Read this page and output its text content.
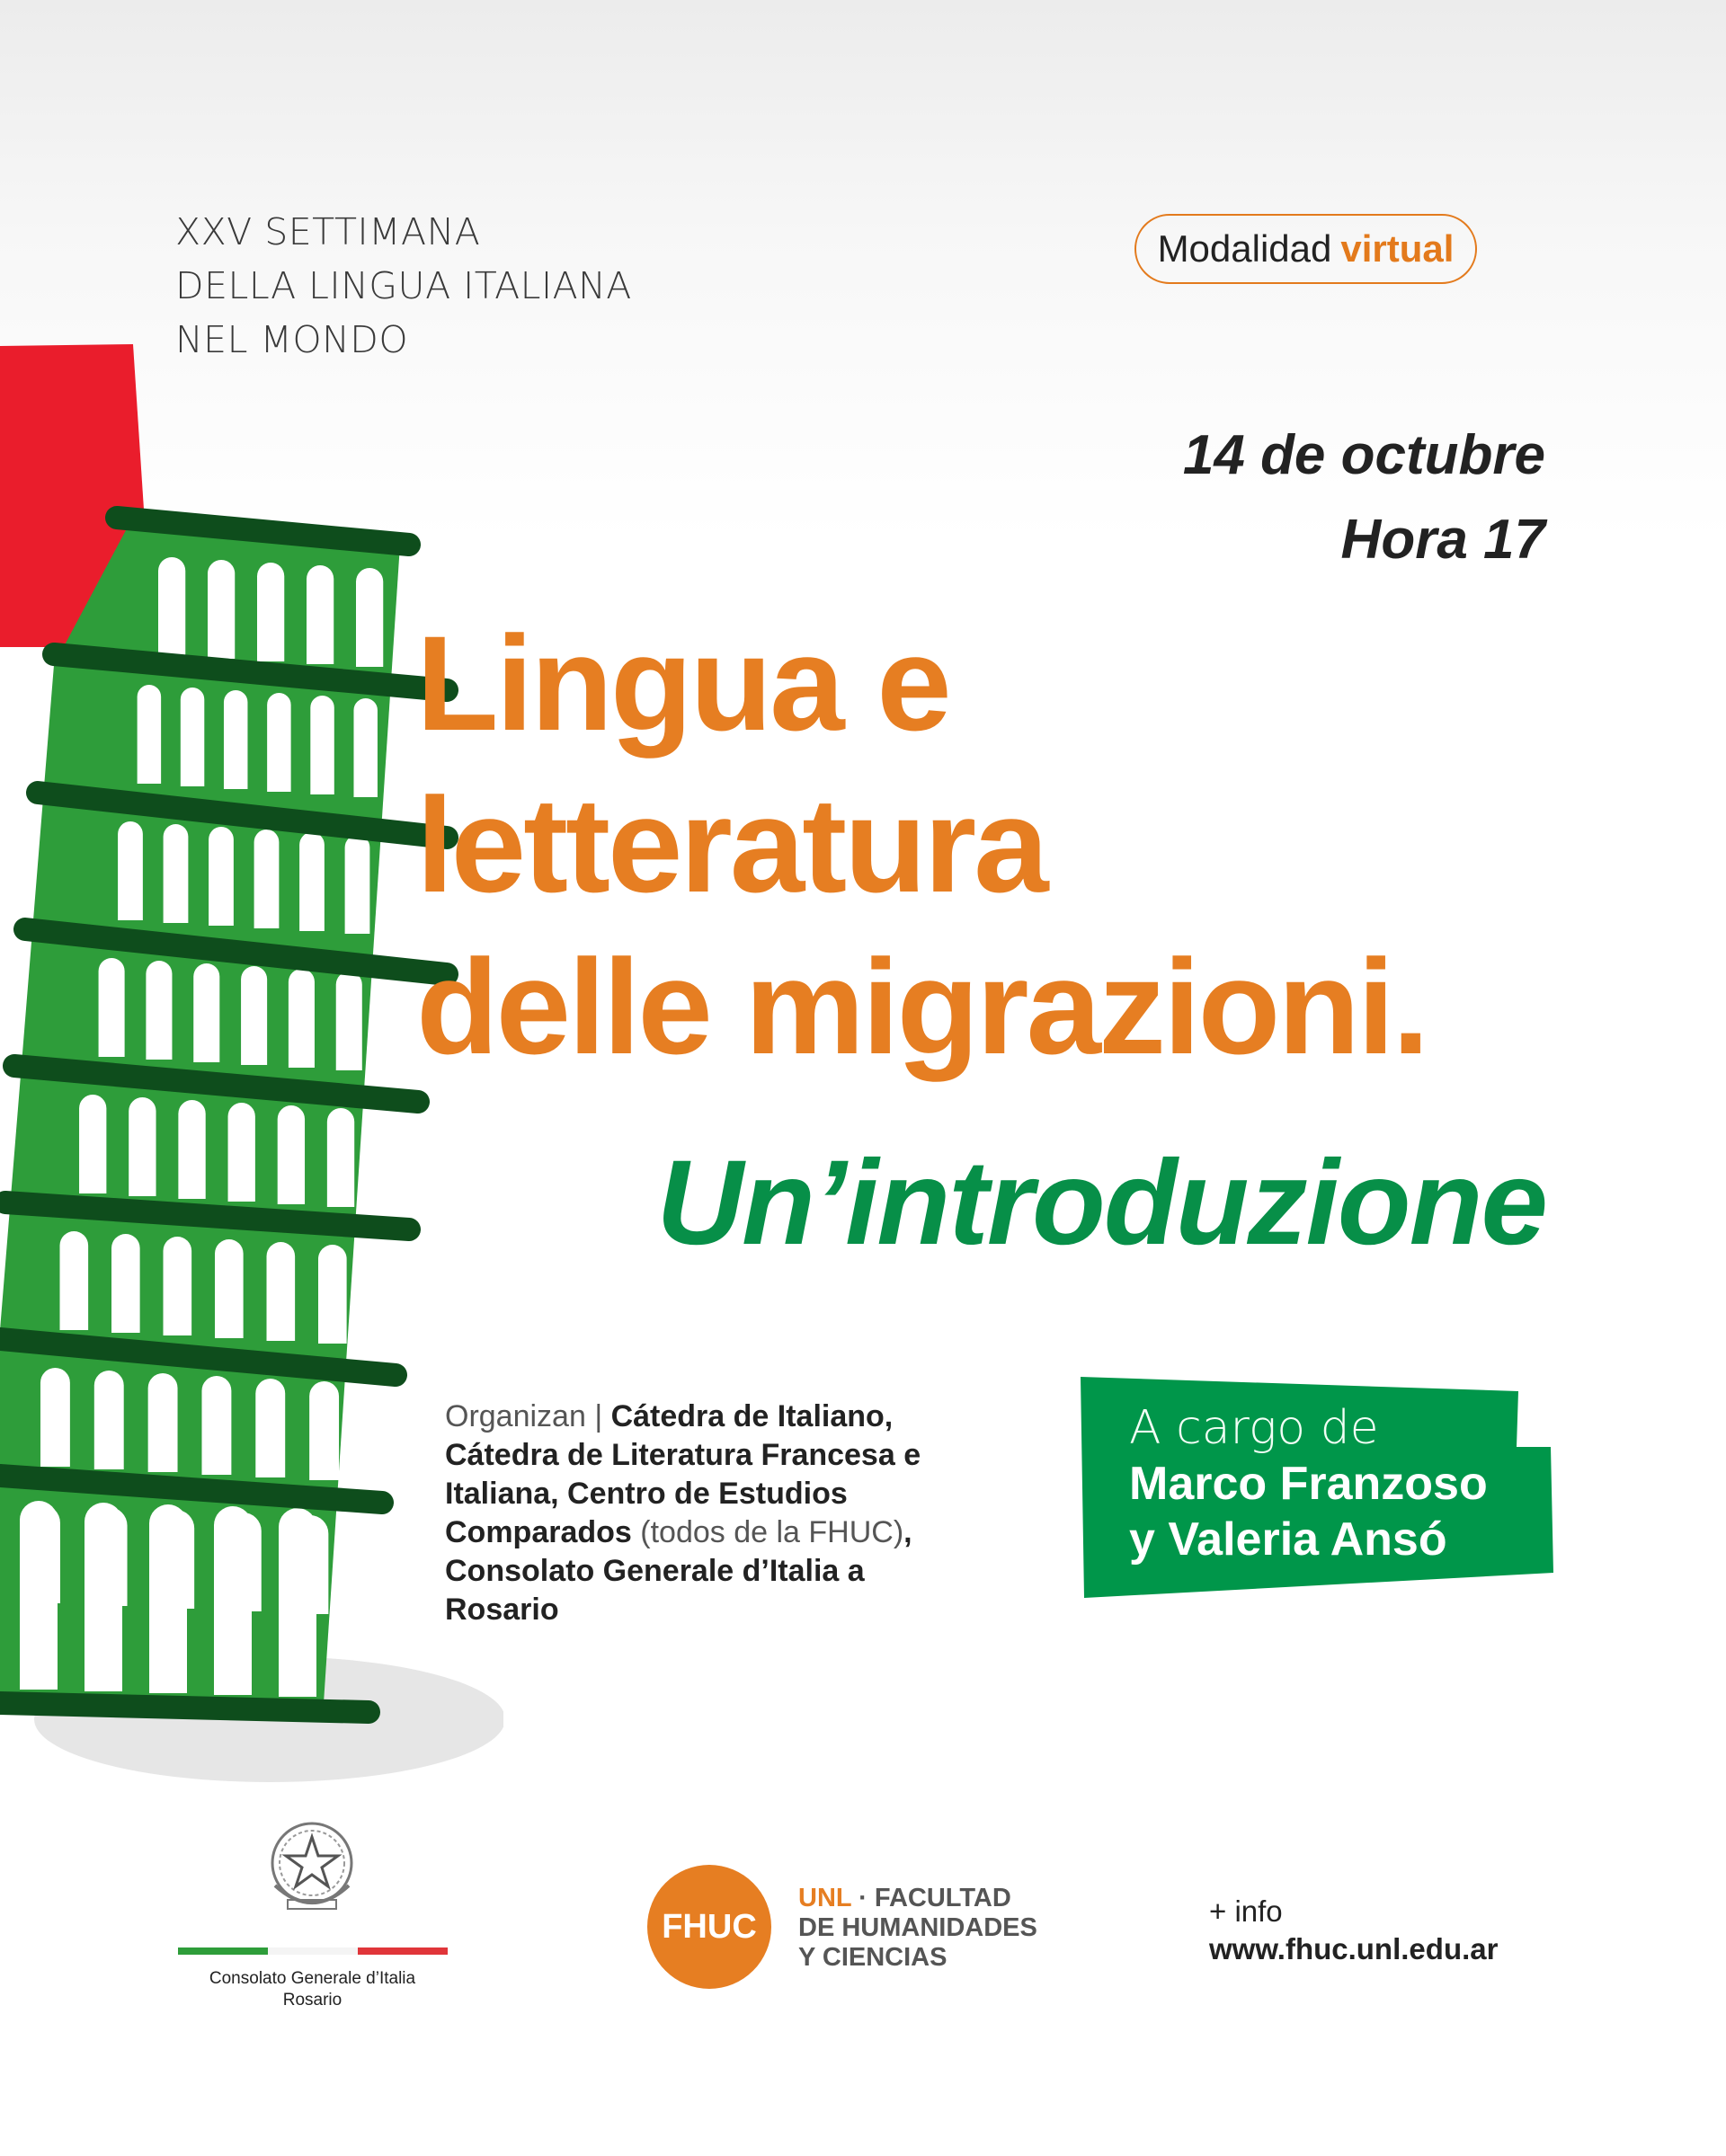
XXV SETTIMANA
DELLA LINGUA ITALIANA
NEL MONDO
Modalidad virtual
14 de octubre
Hora 17
Lingua e
letteratura
delle migrazioni.
Un’introduzione
Organizan | Cátedra de Italiano, Cátedra de Literatura Francesa e Italiana, Centro de Estudios Comparados (todos de la FHUC), Consolato Generale d’Italia a Rosario
A cargo de
Marco Franzoso
y Valeria Ansó
Consolato Generale d’Italia
Rosario
FHUC
UNL · FACULTAD
DE HUMANIDADES
Y CIENCIAS
+ info
www.fhuc.unl.edu.ar
